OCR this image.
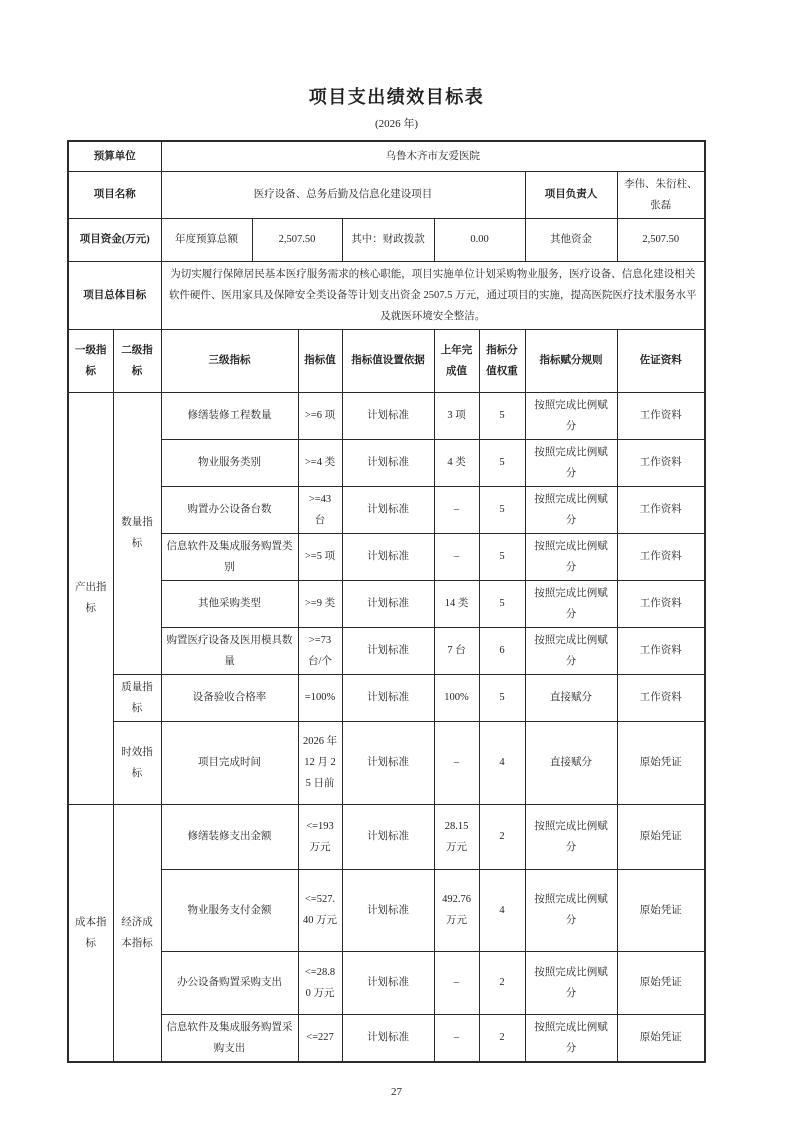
项目支出绩效目标表
(2026 年)
预算单位		乌鲁木齐市友爱医院							
项目名称		医疗设备、总务后勤及信息化建设项目						项目负责人	李伟、朱衍柱、张磊
项目资金(万元)		年度预算总额	2,507.50		其中：财政拨款	0.00		其他资金	2,507.50
项目总体目标		为切实履行保障居民基本医疗服务需求的核心职能，项目实施单位计划采购物业服务，医疗设备、信息化建设相关软件硬件、医用家具及保障安全类设备等计划支出资金 2507.5 万元，通过项目的实施，提高医院医疗技术服务水平及就医环境安全整洁。							
一级指标	二级指标	三级指标		指标值	指标值设置依据	上年完成值	指标分值权重	指标赋分规则	佐证资料
产出指标	数量指标	修缮装修工程数量		>=6 项	计划标准	3 项	5	按照完成比例赋分	工作资料
		物业服务类别		>=4 类	计划标准	4 类	5	按照完成比例赋分	工作资料
		购置办公设备台数		>=43 台	计划标准	–	5	按照完成比例赋分	工作资料
		信息软件及集成服务购置类别		>=5 项	计划标准	–	5	按照完成比例赋分	工作资料
		其他采购类型		>=9 类	计划标准	14 类	5	按照完成比例赋分	工作资料
		购置医疗设备及医用模具数量		>=73 台/个	计划标准	7 台	6	按照完成比例赋分	工作资料
	质量指标	设备验收合格率		=100%	计划标准	100%	5	直接赋分	工作资料
	时效指标	项目完成时间		2026 年 12 月 25 日前	计划标准	–	4	直接赋分	原始凭证
成本指标	经济成本指标	修缮装修支出金额		<=193 万元	计划标准	28.15 万元	2	按照完成比例赋分	原始凭证
		物业服务支付金额		<=527.40 万元	计划标准	492.76 万元	4	按照完成比例赋分	原始凭证
		办公设备购置采购支出		<=28.80 万元	计划标准	–	2	按照完成比例赋分	原始凭证
		信息软件及集成服务购置采购支出		<=227	计划标准	–	2	按照完成比例赋分	原始凭证
27
